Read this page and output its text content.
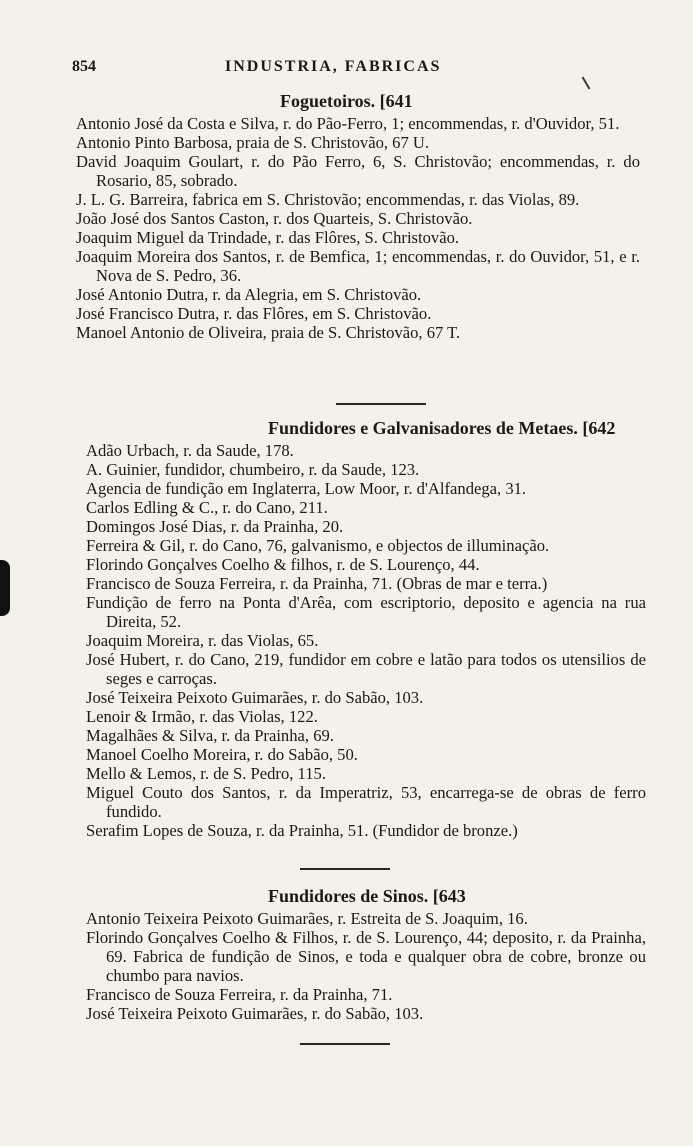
854	INDUSTRIA, FABRICAS
Foguetoiros. [641
Antonio José da Costa e Silva, r. do Pão-Ferro, 1; encommendas, r. d'Ouvidor, 51.
Antonio Pinto Barbosa, praia de S. Christovão, 67 U.
David Joaquim Goulart, r. do Pão Ferro, 6, S. Christovão; encommendas, r. do Rosario, 85, sobrado.
J. L. G. Barreira, fabrica em S. Christovão; encommendas, r. das Violas, 89.
João José dos Santos Caston, r. dos Quarteis, S. Christovão.
Joaquim Miguel da Trindade, r. das Flôres, S. Christovão.
Joaquim Moreira dos Santos, r. de Bemfica, 1; encommendas, r. do Ouvidor, 51, e r. Nova de S. Pedro, 36.
José Antonio Dutra, r. da Alegria, em S. Christovão.
José Francisco Dutra, r. das Flôres, em S. Christovão.
Manoel Antonio de Oliveira, praia de S. Christovão, 67 T.
Fundidores e Galvanisadores de Metaes. [642
Adão Urbach, r. da Saude, 178.
A. Guinier, fundidor, chumbeiro, r. da Saude, 123.
Agencia de fundição em Inglaterra, Low Moor, r. d'Alfandega, 31.
Carlos Edling & C., r. do Cano, 211.
Domingos José Dias, r. da Prainha, 20.
Ferreira & Gil, r. do Cano, 76, galvanismo, e objectos de illuminação.
Florindo Gonçalves Coelho & filhos, r. de S. Lourenço, 44.
Francisco de Souza Ferreira, r. da Prainha, 71. (Obras de mar e terra.)
Fundição de ferro na Ponta d'Arêa, com escriptorio, deposito e agencia na rua Direita, 52.
Joaquim Moreira, r. das Violas, 65.
José Hubert, r. do Cano, 219, fundidor em cobre e latão para todos os utensilios de seges e carroças.
José Teixeira Peixoto Guimarães, r. do Sabão, 103.
Lenoir & Irmão, r. das Violas, 122.
Magalhães & Silva, r. da Prainha, 69.
Manoel Coelho Moreira, r. do Sabão, 50.
Mello & Lemos, r. de S. Pedro, 115.
Miguel Couto dos Santos, r. da Imperatriz, 53, encarrega-se de obras de ferro fundido.
Serafim Lopes de Souza, r. da Prainha, 51. (Fundidor de bronze.)
Fundidores de Sinos. [643
Antonio Teixeira Peixoto Guimarães, r. Estreita de S. Joaquim, 16.
Florindo Gonçalves Coelho & Filhos, r. de S. Lourenço, 44; deposito, r. da Prainha, 69. Fabrica de fundição de Sinos, e toda e qualquer obra de cobre, bronze ou chumbo para navios.
Francisco de Souza Ferreira, r. da Prainha, 71.
José Teixeira Peixoto Guimarães, r. do Sabão, 103.
